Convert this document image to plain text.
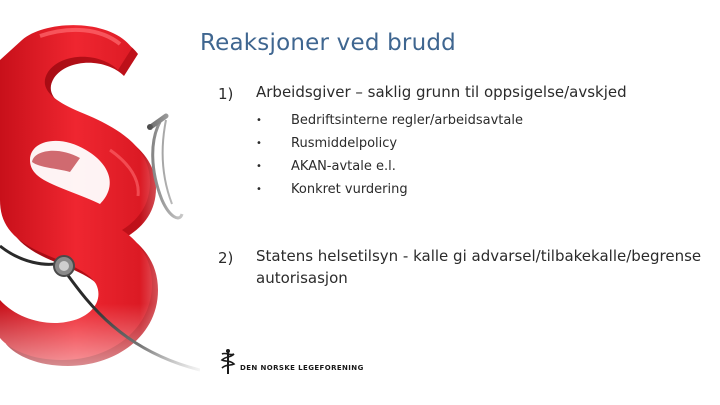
Reaksjoner ved brudd
1) Arbeidsgiver – saklig grunn til oppsigelse/avskjed
• Bedriftsinterne regler/arbeidsavtale
• Rusmiddelpolicy
• AKAN-avtale e.l.
• Konkret vurdering
2) Statens helsetilsyn - kalle gi advarsel/tilbakekalle/begrense
autorisasjon
DEN NORSKE LEGEFORENING
